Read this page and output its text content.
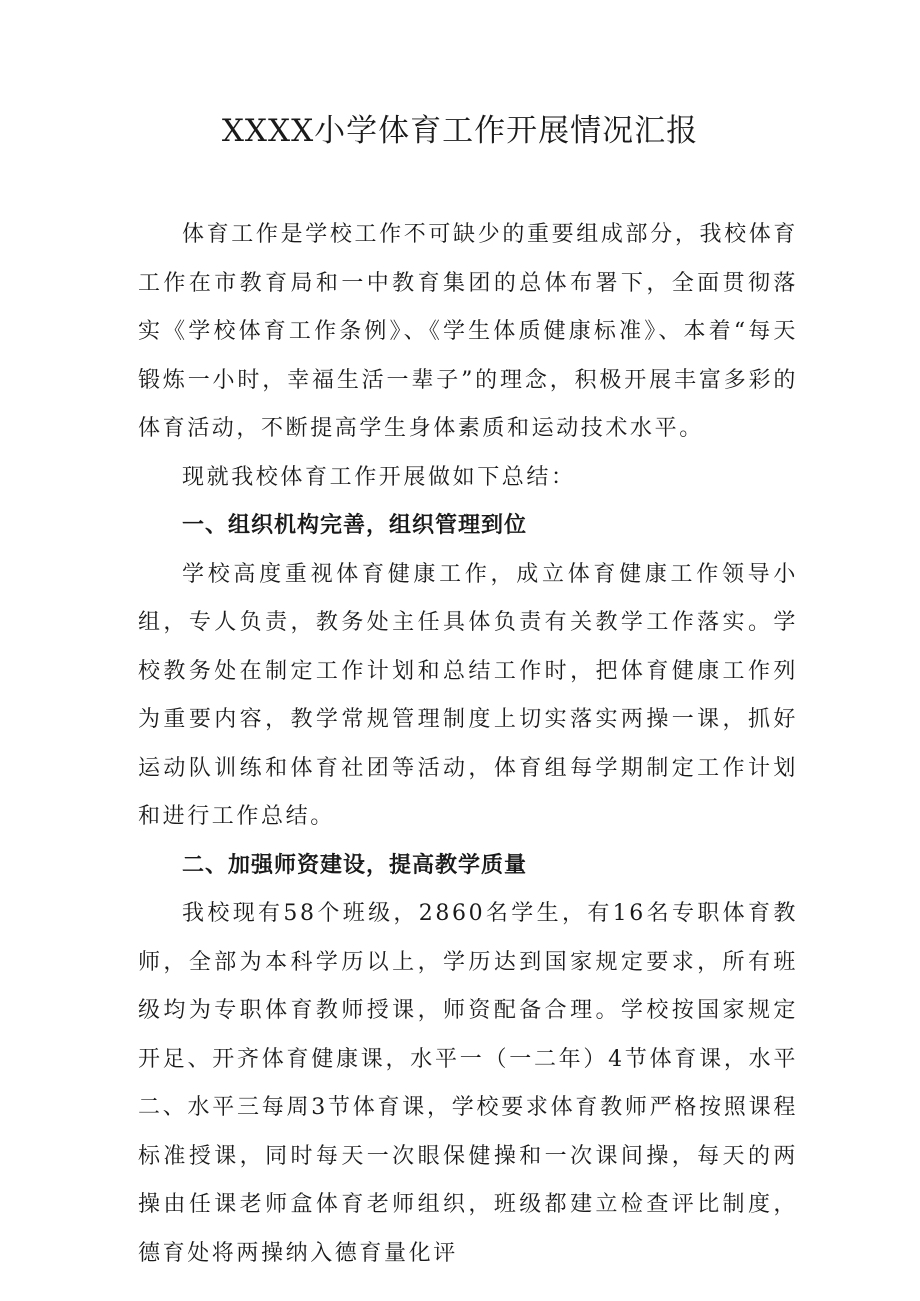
XXXX小学体育工作开展情况汇报

体育工作是学校工作不可缺少的重要组成部分，我校体育工作在市教育局和一中教育集团的总体布署下，全面贯彻落实《学校体育工作条例》、《学生体质健康标准》、本着“每天锻炼一小时，幸福生活一辈子”的理念，积极开展丰富多彩的体育活动，不断提高学生身体素质和运动技术水平。

现就我校体育工作开展做如下总结：

一、组织机构完善，组织管理到位

学校高度重视体育健康工作，成立体育健康工作领导小组，专人负责，教务处主任具体负责有关教学工作落实。学校教务处在制定工作计划和总结工作时，把体育健康工作列为重要内容，教学常规管理制度上切实落实两操一课，抓好运动队训练和体育社团等活动，体育组每学期制定工作计划和进行工作总结。

二、加强师资建设，提高教学质量

我校现有58个班级，2860名学生，有16名专职体育教师，全部为本科学历以上，学历达到国家规定要求，所有班级均为专职体育教师授课，师资配备合理。学校按国家规定开足、开齐体育健康课，水平一（一二年）4节体育课，水平二、水平三每周3节体育课，学校要求体育教师严格按照课程标准授课，同时每天一次眼保健操和一次课间操，每天的两操由任课老师盒体育老师组织，班级都建立检查评比制度，德育处将两操纳入德育量化评
